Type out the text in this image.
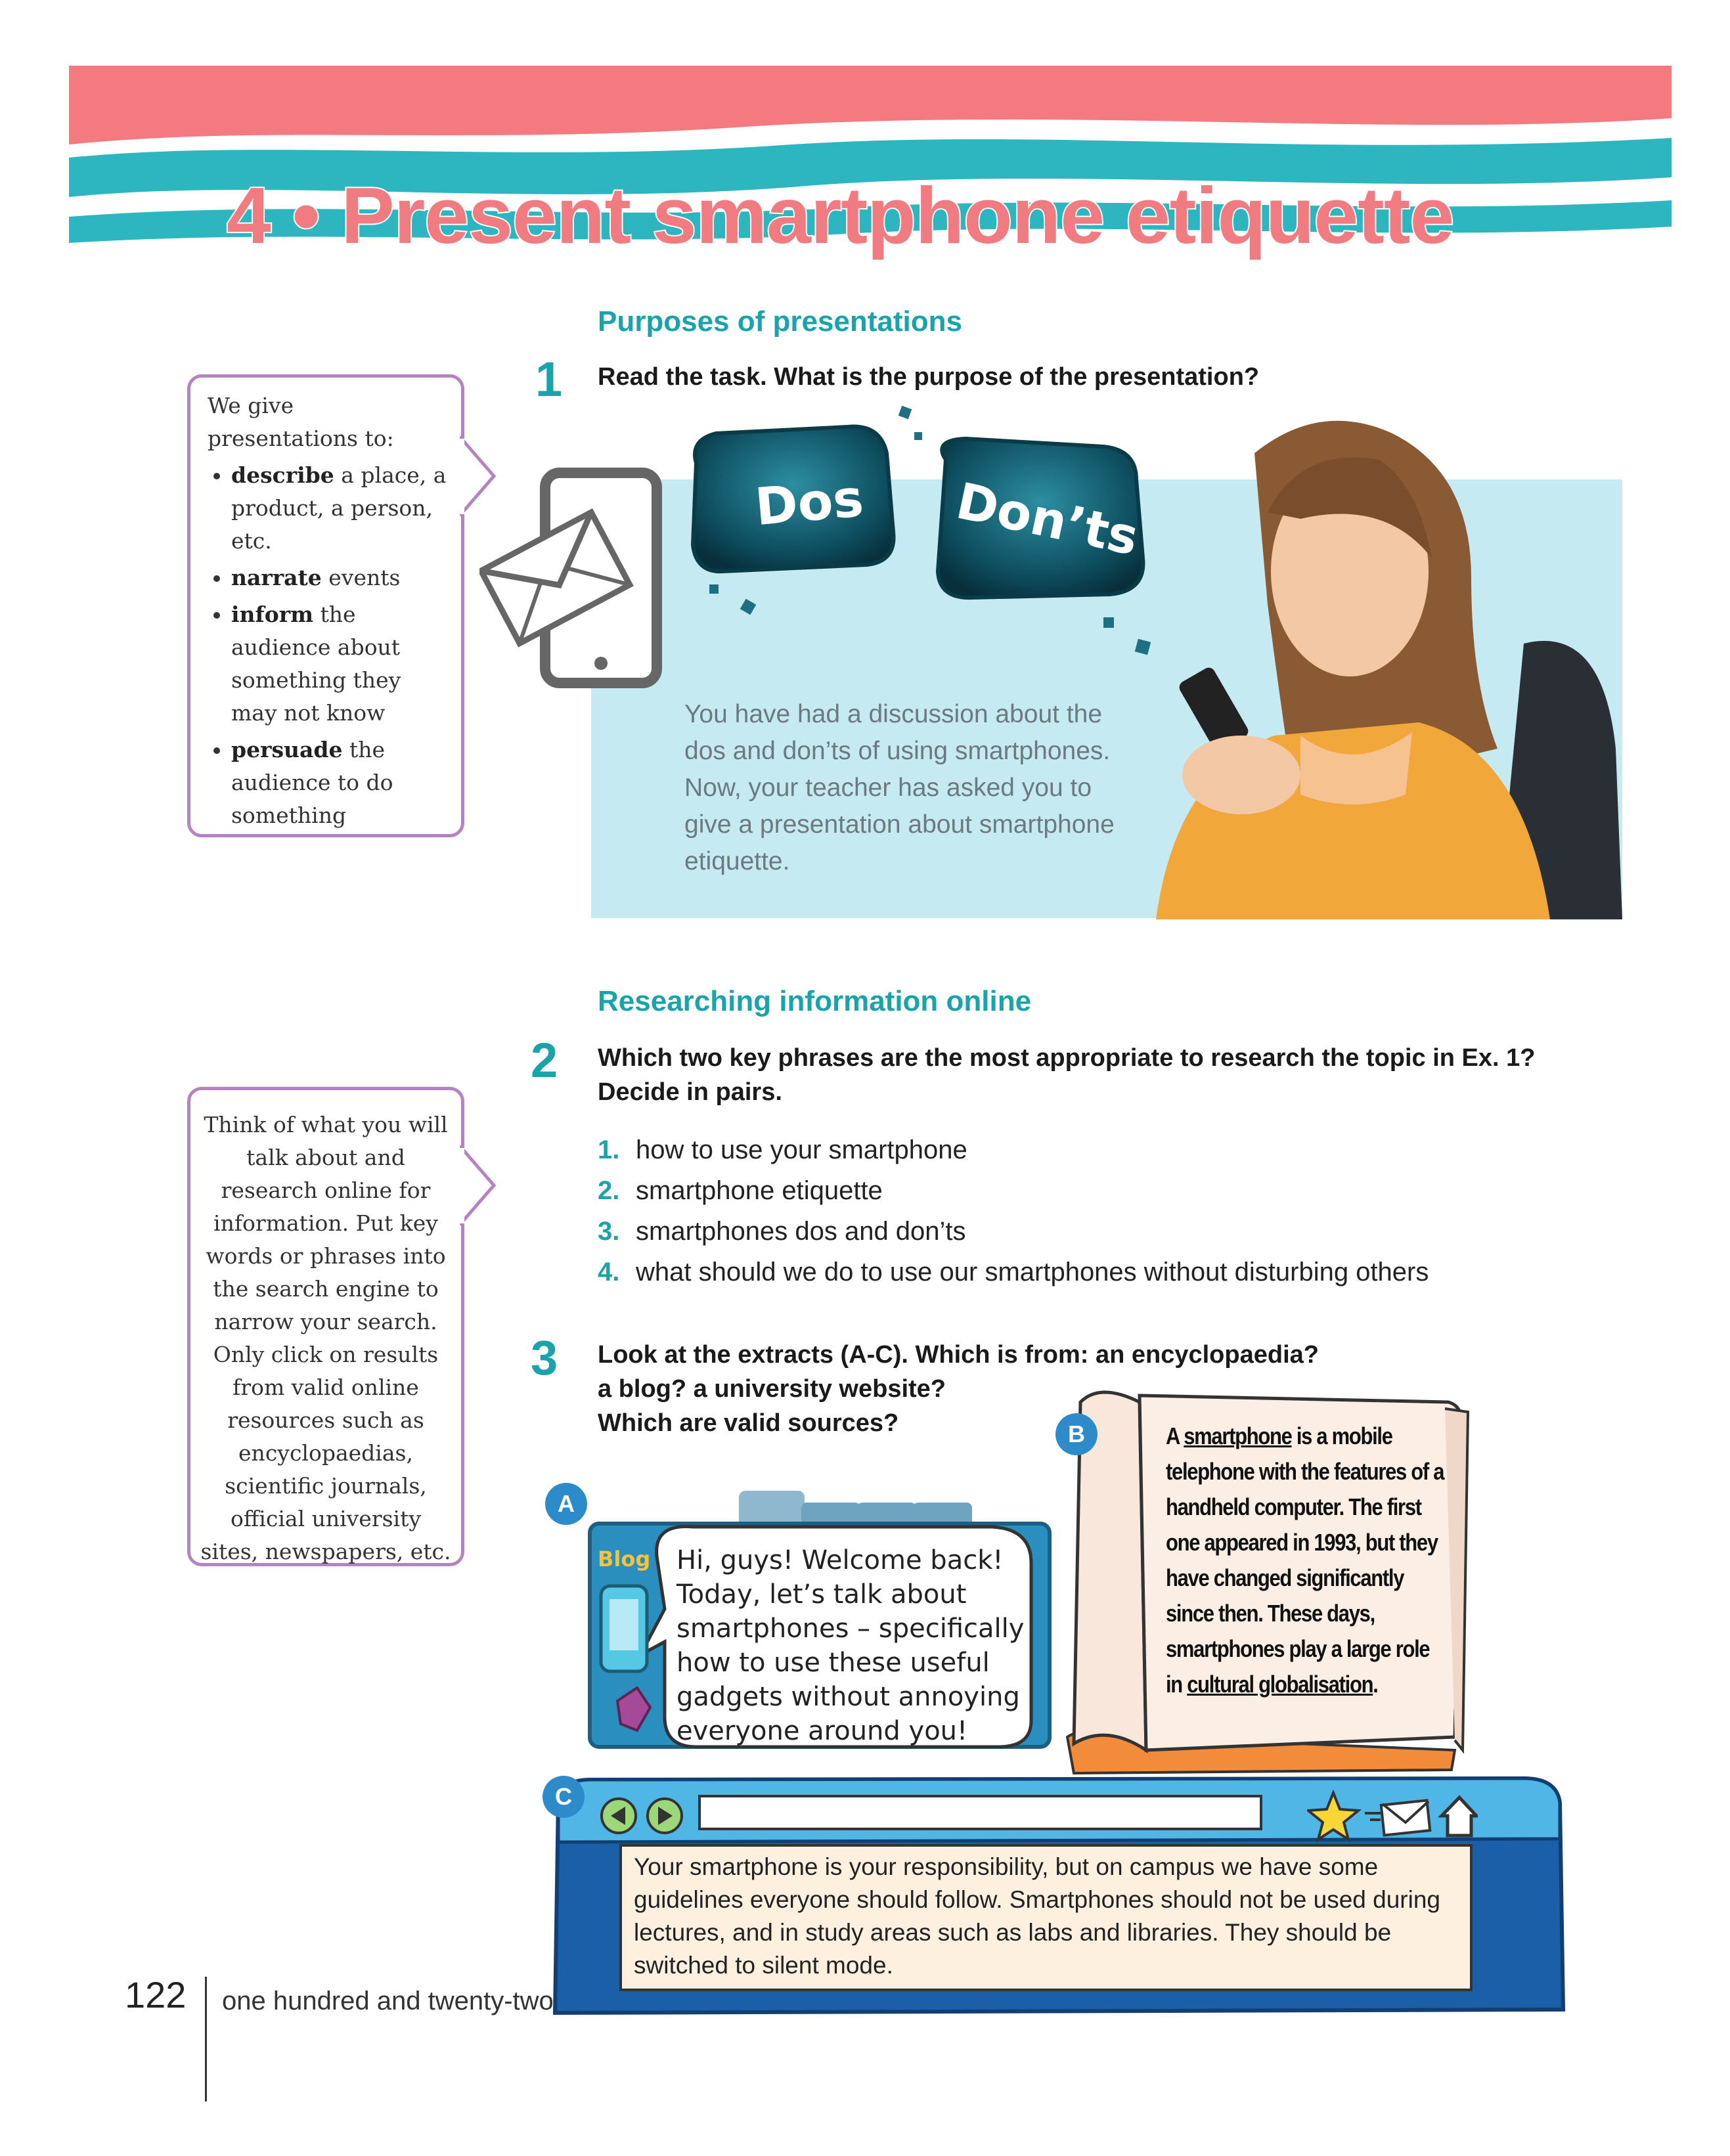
4 • Present smartphone etiquette
Purposes of presentations
1 Read the task. What is the purpose of the presentation?
We give presentations to:
• describe a place, a product, a person, etc.
• narrate events
• inform the audience about something they may not know
• persuade the audience to do something
Dos Don’ts
You have had a discussion about the dos and don’ts of using smartphones. Now, your teacher has asked you to give a presentation about smartphone etiquette.
Researching information online
2 Which two key phrases are the most appropriate to research the topic in Ex. 1? Decide in pairs.
Think of what you will talk about and research online for information. Put key words or phrases into the search engine to narrow your search. Only click on results from valid online resources such as encyclopaedias, scientific journals, official university sites, newspapers, etc.
1. how to use your smartphone
2. smartphone etiquette
3. smartphones dos and don’ts
4. what should we do to use our smartphones without disturbing others
3 Look at the extracts (A-C). Which is from: an encyclopaedia?
a blog? a university website?
Which are valid sources?
Blog
A
Hi, guys! Welcome back! Today, let’s talk about smartphones – specifically how to use these useful gadgets without annoying everyone around you!
B	A smartphone is a mobile telephone with the features of a handheld computer. The first one appeared in 1993, but they have changed significantly since then. These days, smartphones play a large role in cultural globalisation.
C
Your smartphone is your responsibility, but on campus we have some guidelines everyone should follow. Smartphones should not be used during lectures, and in study areas such as labs and libraries. They should be switched to silent mode.
122 one hundred and twenty-two
